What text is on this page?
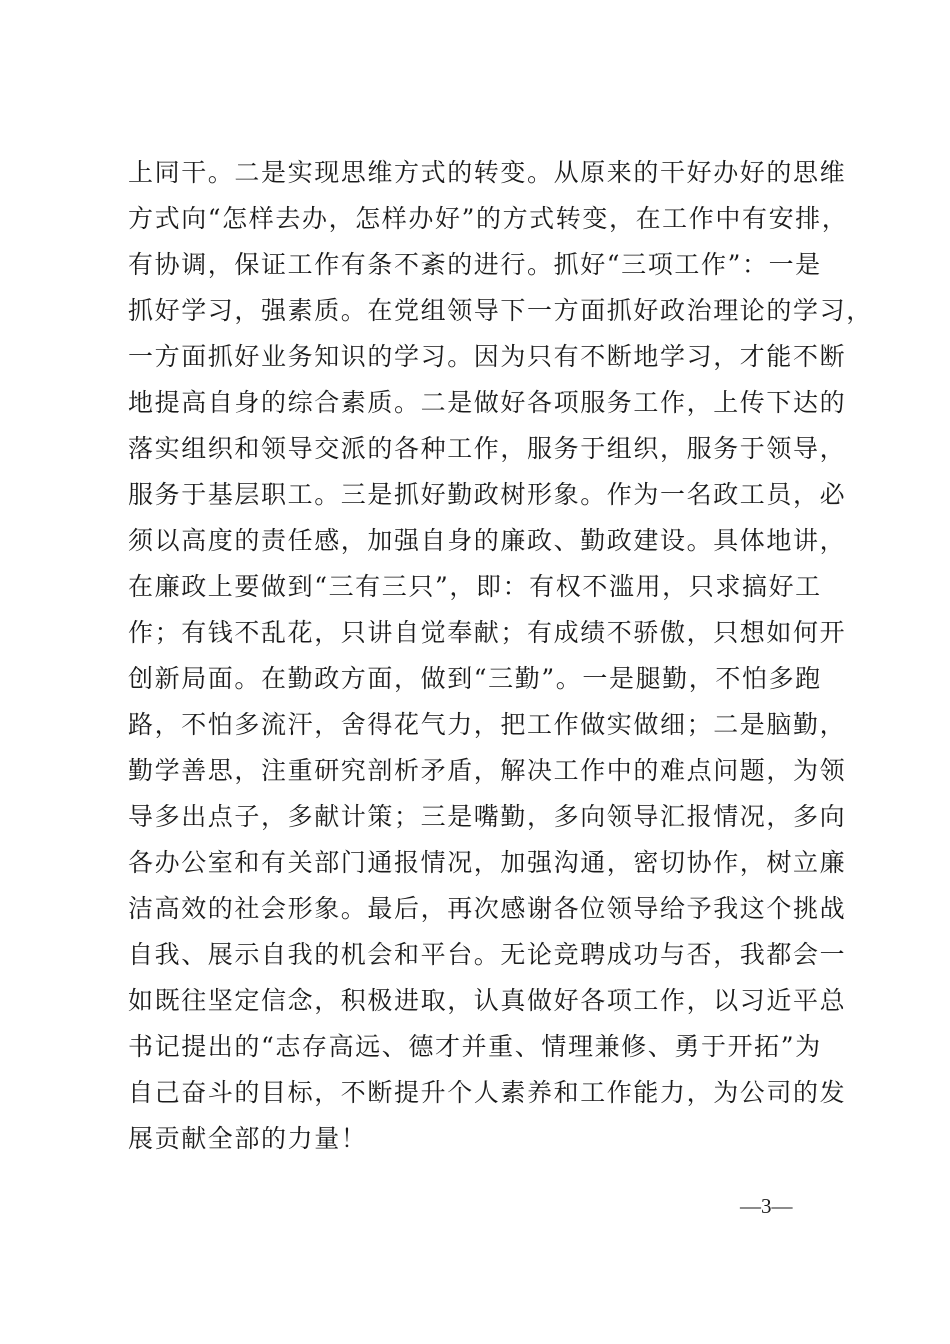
上同干。二是实现思维方式的转变。从原来的干好办好的思维
方式向“怎样去办，怎样办好”的方式转变，在工作中有安排，
有协调，保证工作有条不紊的进行。抓好“三项工作”：一是
抓好学习，强素质。在党组领导下一方面抓好政治理论的学习，
一方面抓好业务知识的学习。因为只有不断地学习，才能不断
地提高自身的综合素质。二是做好各项服务工作，上传下达的
落实组织和领导交派的各种工作，服务于组织，服务于领导，
服务于基层职工。三是抓好勤政树形象。作为一名政工员，必
须以高度的责任感，加强自身的廉政、勤政建设。具体地讲，
在廉政上要做到“三有三只”，即：有权不滥用，只求搞好工
作；有钱不乱花，只讲自觉奉献；有成绩不骄傲，只想如何开
创新局面。在勤政方面，做到“三勤”。一是腿勤，不怕多跑
路，不怕多流汗，舍得花气力，把工作做实做细；二是脑勤，
勤学善思，注重研究剖析矛盾，解决工作中的难点问题，为领
导多出点子，多献计策；三是嘴勤，多向领导汇报情况，多向
各办公室和有关部门通报情况，加强沟通，密切协作，树立廉
洁高效的社会形象。最后，再次感谢各位领导给予我这个挑战
自我、展示自我的机会和平台。无论竞聘成功与否，我都会一
如既往坚定信念，积极进取，认真做好各项工作，以习近平总
书记提出的“志存高远、德才并重、情理兼修、勇于开拓”为
自己奋斗的目标，不断提升个人素养和工作能力，为公司的发
展贡献全部的力量！
—3—
